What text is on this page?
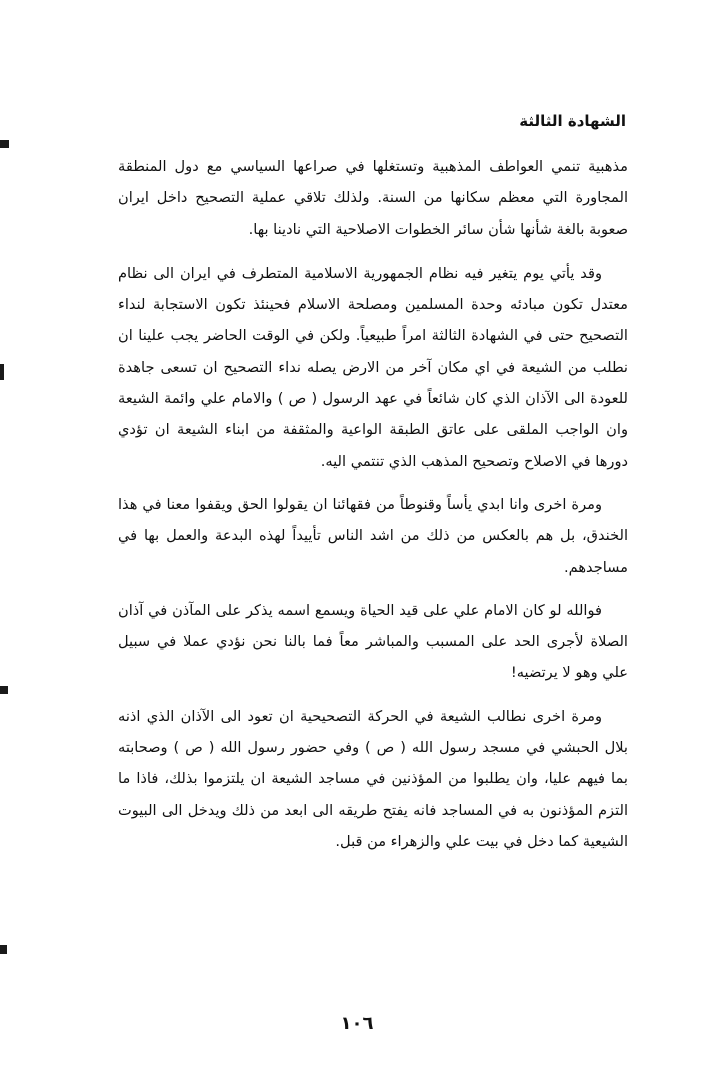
الشهادة الثالثة

مذهبية تنمي العواطف المذهبية وتستغلها في صراعها السياسي مع دول المنطقة المجاورة التي معظم سكانها من السنة. ولذلك تلاقي عملية التصحيح داخل ايران صعوبة بالغة شأنها شأن سائر الخطوات الاصلاحية التي نادينا بها.

وقد يأتي يوم يتغير فيه نظام الجمهورية الاسلامية المتطرف في ايران الى نظام معتدل تكون مبادئه وحدة المسلمين ومصلحة الاسلام فحينئذ تكون الاستجابة لنداء التصحيح حتى في الشهادة الثالثة امراً طبيعياً. ولكن في الوقت الحاضر يجب علينا ان نطلب من الشيعة في اي مكان آخر من الارض يصله نداء التصحيح ان تسعى جاهدة للعودة الى الآذان الذي كان شائعاً في عهد الرسول ( ص ) والامام علي وائمة الشيعة وان الواجب الملقى على عاتق الطبقة الواعية والمثقفة من ابناء الشيعة ان تؤدي دورها في الاصلاح وتصحيح المذهب الذي تنتمي اليه.

ومرة اخرى وانا ابدي يأساً وقنوطاً من فقهائنا ان يقولوا الحق ويقفوا معنا في هذا الخندق، بل هم بالعكس من ذلك من اشد الناس تأييداً لهذه البدعة والعمل بها في مساجدهم.

فوالله لو كان الامام علي على قيد الحياة ويسمع اسمه يذكر على المآذن في آذان الصلاة لأجرى الحد على المسبب والمباشر معاً فما بالنا نحن نؤدي عملا في سبيل علي وهو لا يرتضيه!

ومرة اخرى نطالب الشيعة في الحركة التصحيحية ان تعود الى الآذان الذي اذنه بلال الحبشي في مسجد رسول الله ( ص ) وفي حضور رسول الله ( ص ) وصحابته بما فيهم عليا، وان يطلبوا من المؤذنين في مساجد الشيعة ان يلتزموا بذلك، فاذا ما التزم المؤذنون به في المساجد فانه يفتح طريقه الى ابعد من ذلك ويدخل الى البيوت الشيعية كما دخل في بيت علي والزهراء من قبل.

١٠٦
